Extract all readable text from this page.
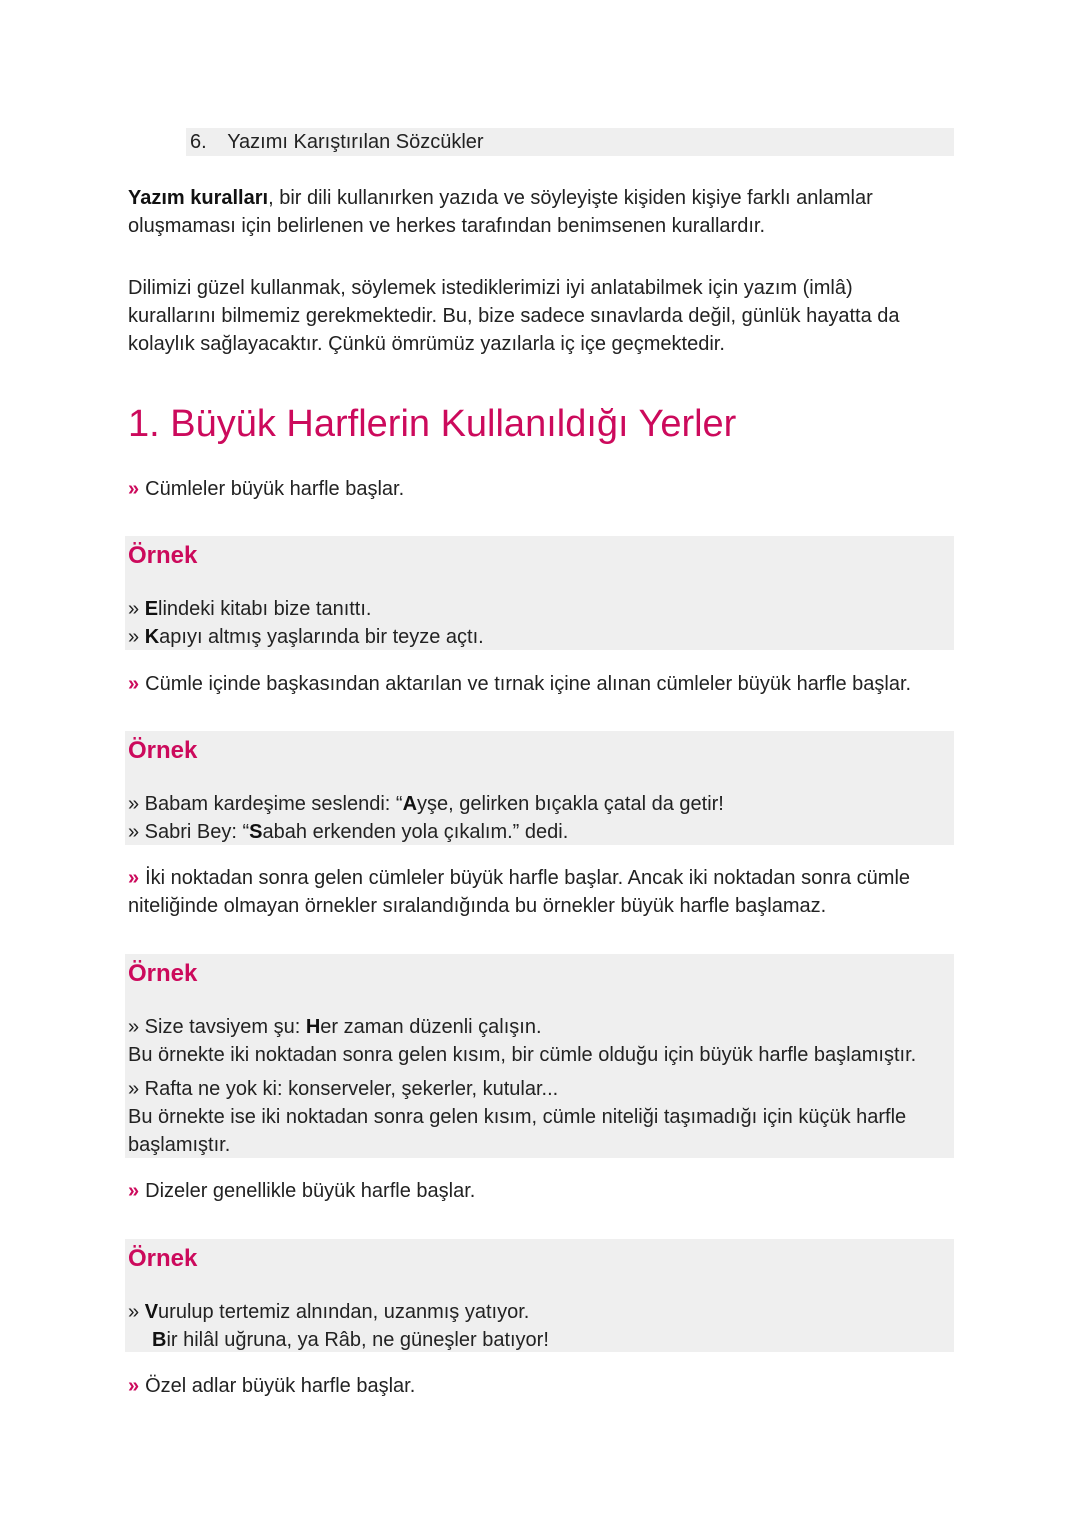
6. Yazımı Karıştırılan Sözcükler
Yazım kuralları, bir dili kullanırken yazıda ve söyleyişte kişiden kişiye farklı anlamlar oluşmaması için belirlenen ve herkes tarafından benimsenen kurallardır.
Dilimizi güzel kullanmak, söylemek istediklerimizi iyi anlatabilmek için yazım (imlâ) kurallarını bilmemiz gerekmektedir. Bu, bize sadece sınavlarda değil, günlük hayatta da kolaylık sağlayacaktır. Çünkü ömrümüz yazılarla iç içe geçmektedir.
1. Büyük Harflerin Kullanıldığı Yerler
» Cümleler büyük harfle başlar.
Örnek
» Elindeki kitabı bize tanıttı.
» Kapıyı altmış yaşlarında bir teyze açtı.
» Cümle içinde başkasından aktarılan ve tırnak içine alınan cümleler büyük harfle başlar.
Örnek
» Babam kardeşime seslendi: “Ayşe, gelirken bıçakla çatal da getir!
» Sabri Bey: “Sabah erkenden yola çıkalım.” dedi.
» İki noktadan sonra gelen cümleler büyük harfle başlar. Ancak iki noktadan sonra cümle niteliğinde olmayan örnekler sıralandığında bu örnekler büyük harfle başlamaz.
Örnek
» Size tavsiyem şu: Her zaman düzenli çalışın.
Bu örnekte iki noktadan sonra gelen kısım, bir cümle olduğu için büyük harfle başlamıştır.
» Rafta ne yok ki: konserveler, şekerler, kutular...
Bu örnekte ise iki noktadan sonra gelen kısım, cümle niteliği taşımadığı için küçük harfle başlamıştır.
» Dizeler genellikle büyük harfle başlar.
Örnek
» Vurulup tertemiz alnından, uzanmış yatıyor.
Bir hilâl uğruna, ya Râb, ne güneşler batıyor!
» Özel adlar büyük harfle başlar.
